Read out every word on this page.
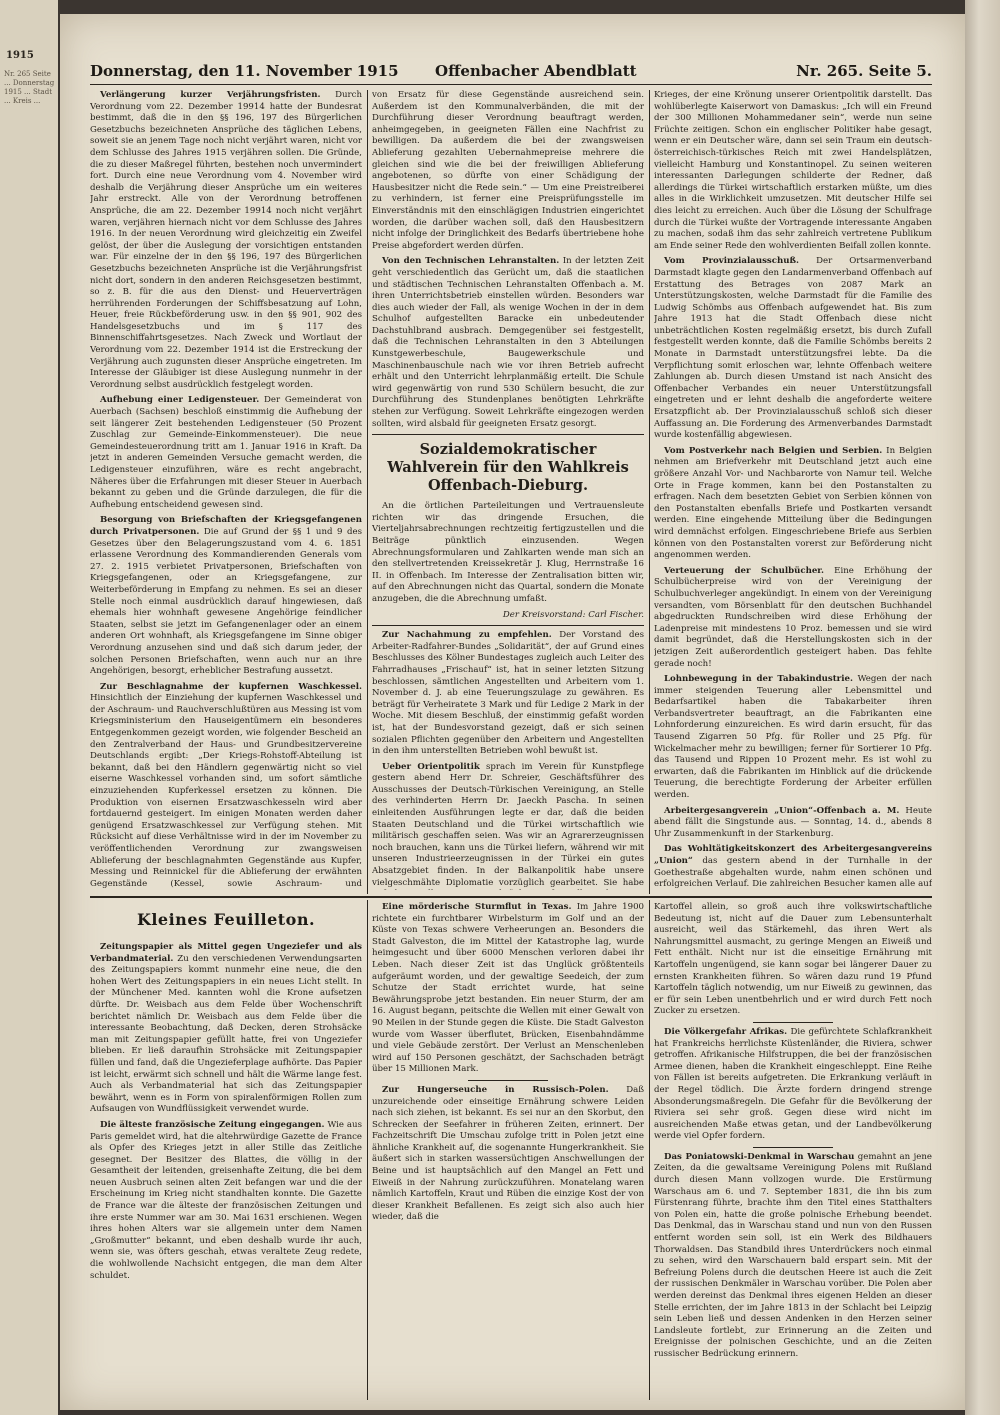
1915
Nr. 265 Seite ... Donnerstag 1915 ... Stadt ... Kreis ...
Donnerstag, den 11. November 1915 Offenbacher Abendblatt	Nr. 265. Seite 5.

Verlängerung kurzer Verjährungsfristen. Durch Verordnung vom 22. Dezember 19914 hatte der Bundesrat bestimmt, daß die in den §§ 196, 197 des Bürgerlichen Gesetzbuchs bezeichneten Ansprüche des täglichen Lebens, soweit sie an jenem Tage noch nicht verjährt waren, nicht vor dem Schlusse des Jahres 1915 verjähren sollen. Die Gründe, die zu dieser Maßregel führten, bestehen noch unvermindert fort. Durch eine neue Verordnung vom 4. November wird deshalb die Verjährung dieser Ansprüche um ein weiteres Jahr erstreckt. Alle von der Verordnung betroffenen Ansprüche, die am 22. Dezember 19914 noch nicht verjährt waren, verjähren hiernach nicht vor dem Schlusse des Jahres 1916. In der neuen Verordnung wird gleichzeitig ein Zweifel gelöst, der über die Auslegung der vorsichtigen entstanden war. Für einzelne der in den §§ 196, 197 des Bürgerlichen Gesetzbuchs bezeichneten Ansprüche ist die Verjährungsfrist nicht dort, sondern in den anderen Reichsgesetzen bestimmt, so z. B. für die aus den Dienst- und Heuerverträgen herrührenden Forderungen der Schiffsbesatzung auf Lohn, Heuer, freie Rückbeförderung usw. in den §§ 901, 902 des Handelsgesetzbuchs und im § 117 des Binnenschiffahrtsgesetzes. Nach Zweck und Wortlaut der Verordnung vom 22. Dezember 1914 ist die Erstreckung der Verjährung auch zugunsten dieser Ansprüche eingetreten. Im Interesse der Gläubiger ist diese Auslegung nunmehr in der Verordnung selbst ausdrücklich festgelegt worden.

Aufhebung einer Ledigensteuer. Der Gemeinderat von Auerbach (Sachsen) beschloß einstimmig die Aufhebung der seit längerer Zeit bestehenden Ledigensteuer (50 Prozent Zuschlag zur Gemeinde-Einkommensteuer). Die neue Gemeindesteuerordnung tritt am 1. Januar 1916 in Kraft. Da jetzt in anderen Gemeinden Versuche gemacht werden, die Ledigensteuer einzuführen, wäre es recht angebracht, Näheres über die Erfahrungen mit dieser Steuer in Auerbach bekannt zu geben und die Gründe darzulegen, die für die Aufhebung entscheidend gewesen sind.

Besorgung von Briefschaften der Kriegsgefangenen durch Privatpersonen. Die auf Grund der §§ 1 und 9 des Gesetzes über den Belagerungszustand vom 4. 6. 1851 erlassene Verordnung des Kommandierenden Generals vom 27. 2. 1915 verbietet Privatpersonen, Briefschaften von Kriegsgefangenen, oder an Kriegsgefangene, zur Weiterbeförderung in Empfang zu nehmen. Es sei an dieser Stelle noch einmal ausdrücklich darauf hingewiesen, daß ehemals hier wohnhaft gewesene Angehörige feindlicher Staaten, selbst sie jetzt im Gefangenenlager oder an einem anderen Ort wohnhaft, als Kriegsgefangene im Sinne obiger Verordnung anzusehen sind und daß sich darum jeder, der solchen Personen Briefschaften, wenn auch nur an ihre Angehörigen, besorgt, erheblicher Bestrafung aussetzt.

Zur Beschlagnahme der kupfernen Waschkessel. Hinsichtlich der Einziehung der kupfernen Waschkessel und der Aschraum- und Rauchverschlußtüren aus Messing ist vom Kriegsministerium den Hauseigentümern ein besonderes Entgegenkommen gezeigt worden, wie folgender Bescheid an den Zentralverband der Haus- und Grundbesitzervereine Deutschlands ergibt: „Der Kriegs-Rohstoff-Abteilung ist bekannt, daß bei den Händlern gegenwärtig nicht so viel eiserne Waschkessel vorhanden sind, um sofort sämtliche einzuziehenden Kupferkessel ersetzen zu können. Die Produktion von eisernen Ersatzwaschkesseln wird aber fortdauernd gesteigert. Im einigen Monaten werden daher genügend Ersatzwaschkessel zur Verfügung stehen. Mit Rücksicht auf diese Verhältnisse wird in der im November zu veröffentlichenden Verordnung zur zwangsweisen Ablieferung der beschlagnahmten Gegenstände aus Kupfer, Messing und Reinnickel für die Ablieferung der erwähnten Gegenstände (Kessel, sowie Aschraum- und

von Ersatz für diese Gegenstände ausreichend sein. Außerdem ist den Kommunalverbänden, die mit der Durchführung dieser Verordnung beauftragt werden, anheimgegeben, in geeigneten Fällen eine Nachfrist zu bewilligen. Da außerdem die bei der zwangsweisen Ablieferung gezahlten Uebernahmepreise mehrere die gleichen sind wie die bei der freiwilligen Ablieferung angebotenen, so dürfte von einer Schädigung der Hausbesitzer nicht die Rede sein.“ — Um eine Preistreiberei zu verhindern, ist ferner eine Preisprüfungsstelle im Einverständnis mit den einschlägigen Industrien eingerichtet worden, die darüber wachen soll, daß den Hausbesitzern nicht infolge der Dringlichkeit des Bedarfs übertriebene hohe Preise abgefordert werden dürfen.

Von den Technischen Lehranstalten. In der letzten Zeit geht verschiedentlich das Gerücht um, daß die staatlichen und städtischen Technischen Lehranstalten Offenbach a. M. ihren Unterrichtsbetrieb einstellen würden. Besonders war dies auch wieder der Fall, als wenige Wochen in der in dem Schulhof aufgestellten Baracke ein unbedeutender Dachstuhlbrand ausbrach. Demgegenüber sei festgestellt, daß die Technischen Lehranstalten in den 3 Abteilungen Kunstgewerbeschule, Baugewerkschule und Maschinenbauschule nach wie vor ihren Betrieb aufrecht erhält und den Unterricht lehrplanmäßig erteilt. Die Schule wird gegenwärtig von rund 530 Schülern besucht, die zur Durchführung des Stundenplanes benötigten Lehrkräfte stehen zur Verfügung. Soweit Lehrkräfte eingezogen werden sollten, wird alsbald für geeigneten Ersatz gesorgt.

Sozialdemokratischer Wahlverein für den Wahlkreis Offenbach-Dieburg.

An die örtlichen Parteileitungen und Vertrauensleute richten wir das dringende Ersuchen, die Vierteljahrsabrechnungen rechtzeitig fertigzustellen und die Beiträge pünktlich einzusenden. Wegen Abrechnungsformularen und Zahlkarten wende man sich an den stellvertretenden Kreissekretär J. Klug, Herrnstraße 16 II. in Offenbach. Im Interesse der Zentralisation bitten wir, auf den Abrechnungen nicht das Quartal, sondern die Monate anzugeben, die die Abrechnung umfaßt.

Der Kreisvorstand: Carl Fischer.

Zur Nachahmung zu empfehlen. Der Vorstand des Arbeiter-Radfahrer-Bundes „Solidarität“, der auf Grund eines Beschlusses des Kölner Bundestages zugleich auch Leiter des Fahrradhauses „Frischauf“ ist, hat in seiner letzten Sitzung beschlossen, sämtlichen Angestellten und Arbeitern vom 1. November d. J. ab eine Teuerungszulage zu gewähren. Es beträgt für Verheiratete 3 Mark und für Ledige 2 Mark in der Woche. Mit diesem Beschluß, der einstimmig gefaßt worden ist, hat der Bundesvorstand gezeigt, daß er sich seinen sozialen Pflichten gegenüber den Arbeitern und Angestellten in den ihm unterstellten Betrieben wohl bewußt ist.

Ueber Orientpolitik sprach im Verein für Kunstpflege gestern abend Herr Dr. Schreier, Geschäftsführer des Ausschusses der Deutsch-Türkischen Vereinigung, an Stelle des verhinderten Herrn Dr. Jaeckh Pascha. In seinen einleitenden Ausführungen legte er dar, daß die beiden Staaten Deutschland und die Türkei wirtschaftlich wie militärisch geschaffen seien. Was wir an Agrarerzeugnissen noch brauchen, kann uns die Türkei liefern, während wir mit unseren Industrieerzeugnissen in der Türkei ein gutes Absatzgebiet finden. In der Balkanpolitik habe unsere vielgeschmähte Diplomatie vorzüglich gearbeitet. Sie habe

Krieges, der eine Krönung unserer Orientpolitik darstellt. Das wohlüberlegte Kaiserwort von Damaskus: „Ich will ein Freund der 300 Millionen Mohammedaner sein“, werde nun seine Früchte zeitigen. Schon ein englischer Politiker habe gesagt, wenn er ein Deutscher wäre, dann sei sein Traum ein deutsch-österreichisch-türkisches Reich mit zwei Handelsplätzen, vielleicht Hamburg und Konstantinopel. Zu seinen weiteren interessanten Darlegungen schilderte der Redner, daß allerdings die Türkei wirtschaftlich erstarken müßte, um dies alles in die Wirklichkeit umzusetzen. Mit deutscher Hilfe sei dies leicht zu erreichen. Auch über die Lösung der Schulfrage durch die Türkei wußte der Vortragende interessante Angaben zu machen, sodaß ihm das sehr zahlreich vertretene Publikum am Ende seiner Rede den wohlverdienten Beifall zollen konnte.

Vom Provinzialausschuß. Der Ortsarmenverband Darmstadt klagte gegen den Landarmenverband Offenbach auf Erstattung des Betrages von 2087 Mark an Unterstützungskosten, welche Darmstadt für die Familie des Ludwig Schömbs aus Offenbach aufgewendet hat. Bis zum Jahre 1913 hat die Stadt Offenbach diese nicht unbeträchtlichen Kosten regelmäßig ersetzt, bis durch Zufall festgestellt werden konnte, daß die Familie Schömbs bereits 2 Monate in Darmstadt unterstützungsfrei lebte. Da die Verpflichtung somit erloschen war, lehnte Offenbach weitere Zahlungen ab. Durch diesen Umstand ist nach Ansicht des Offenbacher Verbandes ein neuer Unterstützungsfall eingetreten und er lehnt deshalb die angeforderte weitere Ersatzpflicht ab. Der Provinzialausschuß schloß sich dieser Auffassung an. Die Forderung des Armenverbandes Darmstadt wurde kostenfällig abgewiesen.

Vom Postverkehr nach Belgien und Serbien. In Belgien nehmen am Briefverkehr mit Deutschland jetzt auch eine größere Anzahl Vor- und Nachbarorte von Namur teil. Welche Orte in Frage kommen, kann bei den Postanstalten zu erfragen. Nach dem besetzten Gebiet von Serbien können von den Postanstalten ebenfalls Briefe und Postkarten versandt werden. Eine eingehende Mitteilung über die Bedingungen wird demnächst erfolgen. Eingeschriebene Briefe aus Serbien können von den Postanstalten vorerst zur Beförderung nicht angenommen werden.

Verteuerung der Schulbücher. Eine Erhöhung der Schulbücherpreise wird von der Vereinigung der Schulbuchverleger angekündigt. In einem von der Vereinigung versandten, vom Börsenblatt für den deutschen Buchhandel abgedruckten Rundschreiben wird diese Erhöhung der Ladenpreise mit mindestens 10 Proz. bemessen und sie wird damit begründet, daß die Herstellungskosten sich in der jetzigen Zeit außerordentlich gesteigert haben. Das fehlte gerade noch!

Lohnbewegung in der Tabakindustrie. Wegen der nach immer steigenden Teuerung aller Lebensmittel und Bedarfsartikel haben die Tabakarbeiter ihren Verbandsvertreter beauftragt, an die Fabrikanten eine Lohnforderung einzureichen. Es wird darin ersucht, für das Tausend Zigarren 50 Pfg. für Roller und 25 Pfg. für Wickelmacher mehr zu bewilligen; ferner für Sortierer 10 Pfg. das Tausend und Rippen 10 Prozent mehr. Es ist wohl zu erwarten, daß die Fabrikanten im Hinblick auf die drückende Teuerung, die berechtigte Forderung der Arbeiter erfüllen werden.

Arbeitergesangverein „Union“-Offenbach a. M. Heute abend fällt die Singstunde aus. — Sonntag, 14. d., abends 8 Uhr Zusammenkunft in der Starkenburg.

Das Wohltätigkeitskonzert des Arbeitergesangvereins „Union“ das gestern abend in der Turnhalle in der Goethestraße abgehalten wurde, nahm einen schönen und erfolgreichen Verlauf. Die zahlreichen Besucher kamen alle auf

Kleines Feuilleton.

Zeitungspapier als Mittel gegen Ungeziefer und als Verbandmaterial. Zu den verschiedenen Verwendungsarten des Zeitungspapiers kommt nunmehr eine neue, die den hohen Wert des Zeitungspapiers in ein neues Licht stellt. In der Münchener Med. kannten wohl die Krone aufsetzen dürfte. Dr. Weisbach aus dem Felde über Wochenschrift berichtet nämlich Dr. Weisbach aus dem Felde über die interessante Beobachtung, daß Decken, deren Strohsäcke man mit Zeitungspapier gefüllt hatte, frei von Ungeziefer blieben. Er ließ daraufhin Strohsäcke mit Zeitungspapier füllen und fand, daß die Ungezieferplage aufhörte. Das Papier ist leicht, erwärmt sich schnell und hält die Wärme lange fest. Auch als Verbandmaterial hat sich das Zeitungspapier bewährt, wenn es in Form von spiralenförmigen Rollen zum Aufsaugen von Wundflüssigkeit verwendet wurde.

Die älteste französische Zeitung eingegangen. Wie aus Paris gemeldet wird, hat die altehrwürdige Gazette de France als Opfer des Krieges jetzt in aller Stille das Zeitliche gesegnet. Der Besitzer des Blattes, die völlig in der Gesamtheit der leitenden, greisenhafte Zeitung, die bei dem neuen Ausbruch seinen alten Zeit befangen war und die der Erscheinung im Krieg nicht standhalten konnte. Die Gazette de France war die älteste der französischen Zeitungen und ihre erste Nummer war am 30. Mai 1631 erschienen. Wegen ihres hohen Alters war sie allgemein unter dem Namen „Großmutter“ bekannt, und eben deshalb wurde ihr auch, wenn sie, was öfters geschah, etwas veraltete Zeug redete, die wohlwollende Nachsicht entgegen, die man dem Alter schuldet.

Eine mörderische Sturmflut in Texas. Im Jahre 1900 richtete ein furchtbarer Wirbelsturm im Golf und an der Küste von Texas schwere Verheerungen an. Besonders die Stadt Galveston, die im Mittel der Katastrophe lag, wurde heimgesucht und über 6000 Menschen verloren dabei ihr Leben. Nach dieser Zeit ist das Unglück größtenteils aufgeräumt worden, und der gewaltige Seedeich, der zum Schutze der Stadt errichtet wurde, hat seine Bewährungsprobe jetzt bestanden. Ein neuer Sturm, der am 16. August begann, peitschte die Wellen mit einer Gewalt von 90 Meilen in der Stunde gegen die Küste. Die Stadt Galveston wurde vom Wasser überflutet, Brücken, Eisenbahndämme und viele Gebäude zerstört. Der Verlust an Menschenleben wird auf 150 Personen geschätzt, der Sachschaden beträgt über 15 Millionen Mark.

Zur Hungerseuche in Russisch-Polen. Daß unzureichende oder einseitige Ernährung schwere Leiden nach sich ziehen, ist bekannt. Es sei nur an den Skorbut, den Schrecken der Seefahrer in früheren Zeiten, erinnert. Der Fachzeitschrift Die Umschau zufolge tritt in Polen jetzt eine ähnliche Krankheit auf, die sogenannte Hungerkrankheit. Sie äußert sich in starken wassersüchtigen Anschwellungen der Beine und ist hauptsächlich auf den Mangel an Fett und Eiweiß in der Nahrung zurückzuführen. Monatelang waren nämlich Kartoffeln, Kraut und Rüben die einzige Kost der von dieser Krankheit Befallenen. Es zeigt sich also auch hier wieder, daß die

Kartoffel allein, so groß auch ihre volkswirtschaftliche Bedeutung ist, nicht auf die Dauer zum Lebensunterhalt ausreicht, weil das Stärkemehl, das ihren Wert als Nahrungsmittel ausmacht, zu geringe Mengen an Eiweiß und Fett enthält. Nicht nur ist die einseitige Ernährung mit Kartoffeln ungenügend, sie kann sogar bei längerer Dauer zu ernsten Krankheiten führen. So wären dazu rund 19 Pfund Kartoffeln täglich notwendig, um nur Eiweiß zu gewinnen, das er für sein Leben unentbehrlich und er wird durch Fett noch Zucker zu ersetzen.

Die Völkergefahr Afrikas. Die gefürchtete Schlafkrankheit hat Frankreichs herrlichste Küstenländer, die Riviera, schwer getroffen. Afrikanische Hilfstruppen, die bei der französischen Armee dienen, haben die Krankheit eingeschleppt. Eine Reihe von Fällen ist bereits aufgetreten. Die Erkrankung verläuft in der Regel tödlich. Die Ärzte fordern dringend strenge Absonderungsmaßregeln. Die Gefahr für die Bevölkerung der Riviera sei sehr groß. Gegen diese wird nicht im ausreichenden Maße etwas getan, und der Landbevölkerung werde viel Opfer fordern.

Das Poniatowski-Denkmal in Warschau gemahnt an jene Zeiten, da die gewaltsame Vereinigung Polens mit Rußland durch diesen Mann vollzogen wurde. Die Erstürmung Warschaus am 6. und 7. September 1831, die ihn bis zum Fürstenrang führte, brachte ihm den Titel eines Statthalters von Polen ein, hatte die große polnische Erhebung beendet. Das Denkmal, das in Warschau stand und nun von den Russen entfernt worden sein soll, ist ein Werk des Bildhauers Thorwaldsen. Das Standbild ihres Unterdrückers noch einmal zu sehen, wird den Warschauern bald erspart sein. Mit der Befreiung Polens durch die deutschen Heere ist auch die Zeit der russischen Denkmäler in Warschau vorüber. Die Polen aber werden dereinst das Denkmal ihres eigenen Helden an dieser Stelle errichten, der im Jahre 1813 in der Schlacht bei Leipzig sein Leben ließ und dessen Andenken in den Herzen seiner Landsleute fortlebt, zur Erinnerung an die Zeiten und Ereignisse der polnischen Geschichte, und an die Zeiten russischer Bedrückung erinnern.
